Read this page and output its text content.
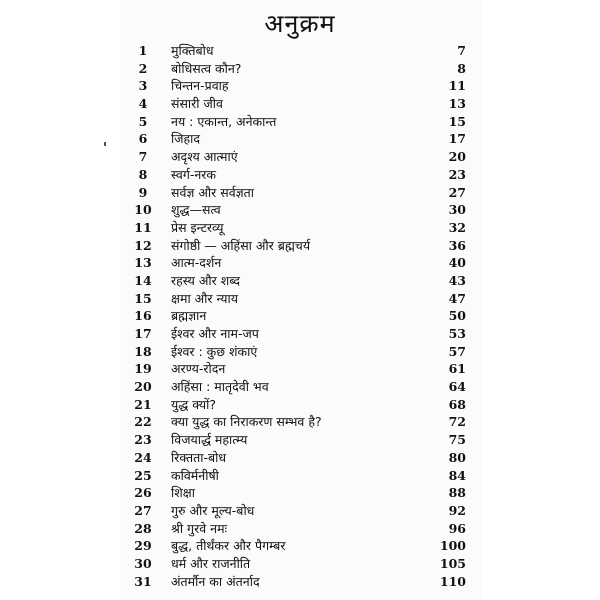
अनुक्रम
1	मुक्तिबोध	7
2	बोधिसत्व कौन?	8
3	चिन्तन-प्रवाह	11
4	संसारी जीव	13
5	नय : एकान्त, अनेकान्त	15
6	जिहाद	17
7	अदृश्य आत्माएं	20
8	स्वर्ग-नरक	23
9	सर्वज्ञ और सर्वज्ञता	27
10	शुद्ध—सत्व	30
11	प्रेस इन्टरव्यू	32
12	संगोष्ठी — अहिंसा और ब्रह्मचर्य	36
13	आत्म-दर्शन	40
14	रहस्य और शब्द	43
15	क्षमा और न्याय	47
16	ब्रह्मज्ञान	50
17	ईश्वर और नाम-जप	53
18	ईश्वर : कुछ शंकाएं	57
19	अरण्य-रोदन	61
20	अहिंसा : मातृदेवी भव	64
21	युद्ध क्यों?	68
22	क्या युद्ध का निराकरण सम्भव है?	72
23	विजयार्द्ध महात्म्य	75
24	रिक्तता-बोध	80
25	कविर्मनीषी	84
26	शिक्षा	88
27	गुरु और मूल्य-बोध	92
28	श्री गुरवे नमः	96
29	बुद्ध, तीर्थंकर और पैगम्बर	100
30	धर्म और राजनीति	105
31	अंतर्मौन का अंतर्नाद	110
